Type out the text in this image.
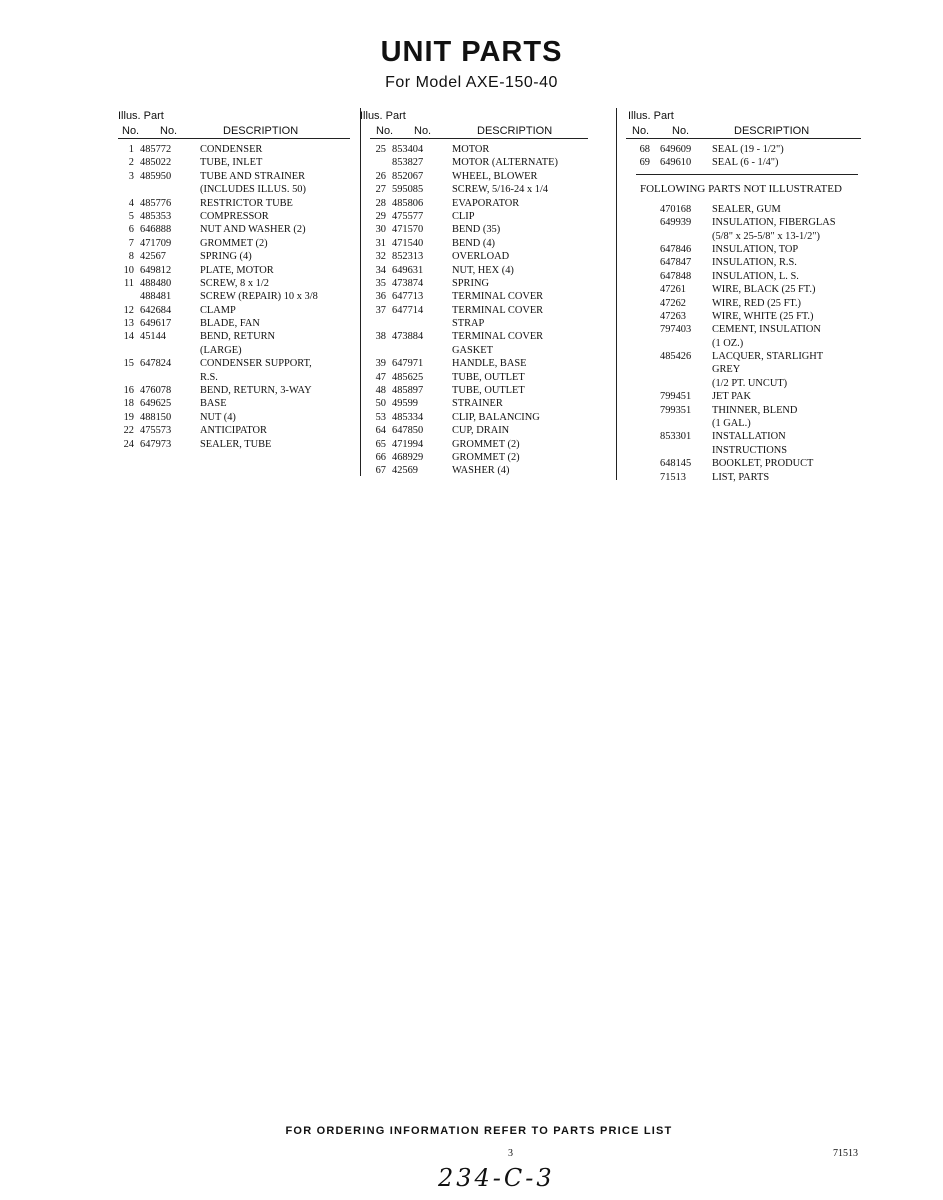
UNIT PARTS
For Model AXE-150-40
Illus. Part
No. No.	DESCRIPTION
1 485772	CONDENSER
2 485022	TUBE, INLET
3 485950	TUBE AND STRAINER
(INCLUDES ILLUS. 50)
4 485776	RESTRICTOR TUBE
5 485353	COMPRESSOR
6 646888	NUT AND WASHER (2)
7 471709	GROMMET (2)
8 42567	SPRING (4)
10 649812	PLATE, MOTOR
11 488480	SCREW, 8 x 1/2
488481	SCREW (REPAIR) 10 x 3/8
12 642684	CLAMP
13 649617	BLADE, FAN
14 45144	BEND, RETURN
(LARGE)
15 647824	CONDENSER SUPPORT,
R.S.
16 476078	BEND, RETURN, 3-WAY
18 649625	BASE
19 488150	NUT (4)
22 475573	ANTICIPATOR
24 647973	SEALER, TUBE
Illus. Part
No. No.	DESCRIPTION
25 853404	MOTOR
853827	MOTOR (ALTERNATE)
26 852067	WHEEL, BLOWER
27 595085	SCREW, 5/16-24 x 1/4
28 485806	EVAPORATOR
29 475577	CLIP
30 471570	BEND (35)
31 471540	BEND (4)
32 852313	OVERLOAD
34 649631	NUT, HEX (4)
35 473874	SPRING
36 647713	TERMINAL COVER
37 647714	TERMINAL COVER
STRAP
38 473884	TERMINAL COVER
GASKET
39 647971	HANDLE, BASE
47 485625	TUBE, OUTLET
48 485897	TUBE, OUTLET
50 49599	STRAINER
53 485334	CLIP, BALANCING
64 647850	CUP, DRAIN
65 471994	GROMMET (2)
66 468929	GROMMET (2)
67 42569	WASHER (4)
Illus. Part
No. No.	DESCRIPTION
68 649609 SEAL (19 - 1/2")
69 649610 SEAL (6 - 1/4")
FOLLOWING PARTS NOT ILLUSTRATED
470168 SEALER, GUM
649939 INSULATION, FIBERGLAS
(5/8" x 25-5/8" x 13-1/2")
647846 INSULATION, TOP
647847 INSULATION, R.S.
647848 INSULATION, L. S.
47261	WIRE, BLACK (25 FT.)
47262	WIRE, RED (25 FT.)
47263	WIRE, WHITE (25 FT.)
797403 CEMENT, INSULATION
(1 OZ.)
485426 LACQUER, STARLIGHT
GREY
(1/2 PT. UNCUT)
799451 JET PAK
799351 THINNER, BLEND
(1 GAL.)
853301 INSTALLATION
INSTRUCTIONS
648145 BOOKLET, PRODUCT
71513	LIST, PARTS
FOR ORDERING INFORMATION REFER TO PARTS PRICE LIST
3	71513
234-C-3
